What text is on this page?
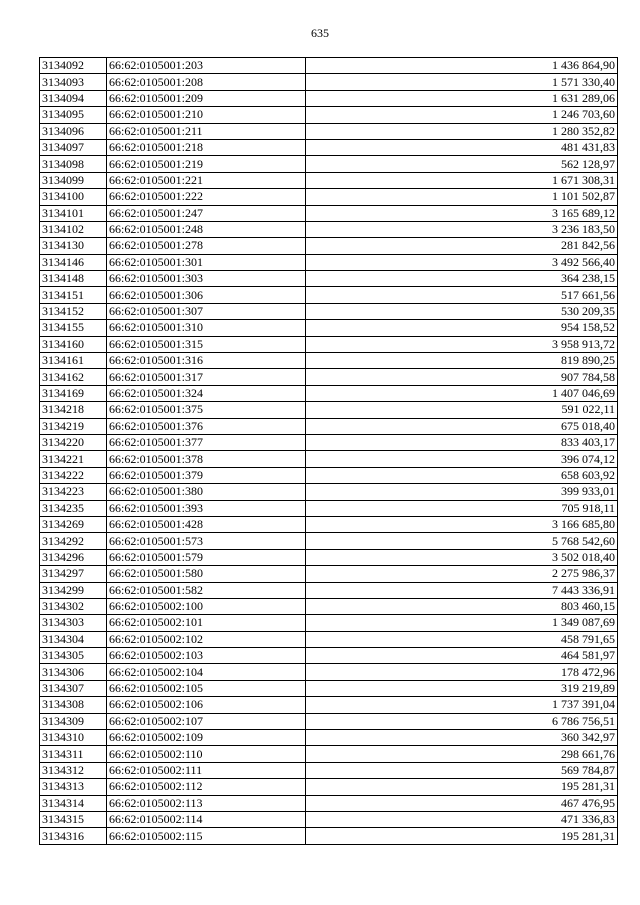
635
3134092	66:62:0105001:203	1 436 864,90
3134093	66:62:0105001:208	1 571 330,40
3134094	66:62:0105001:209	1 631 289,06
3134095	66:62:0105001:210	1 246 703,60
3134096	66:62:0105001:211	1 280 352,82
3134097	66:62:0105001:218	481 431,83
3134098	66:62:0105001:219	562 128,97
3134099	66:62:0105001:221	1 671 308,31
3134100	66:62:0105001:222	1 101 502,87
3134101	66:62:0105001:247	3 165 689,12
3134102	66:62:0105001:248	3 236 183,50
3134130	66:62:0105001:278	281 842,56
3134146	66:62:0105001:301	3 492 566,40
3134148	66:62:0105001:303	364 238,15
3134151	66:62:0105001:306	517 661,56
3134152	66:62:0105001:307	530 209,35
3134155	66:62:0105001:310	954 158,52
3134160	66:62:0105001:315	3 958 913,72
3134161	66:62:0105001:316	819 890,25
3134162	66:62:0105001:317	907 784,58
3134169	66:62:0105001:324	1 407 046,69
3134218	66:62:0105001:375	591 022,11
3134219	66:62:0105001:376	675 018,40
3134220	66:62:0105001:377	833 403,17
3134221	66:62:0105001:378	396 074,12
3134222	66:62:0105001:379	658 603,92
3134223	66:62:0105001:380	399 933,01
3134235	66:62:0105001:393	705 918,11
3134269	66:62:0105001:428	3 166 685,80
3134292	66:62:0105001:573	5 768 542,60
3134296	66:62:0105001:579	3 502 018,40
3134297	66:62:0105001:580	2 275 986,37
3134299	66:62:0105001:582	7 443 336,91
3134302	66:62:0105002:100	803 460,15
3134303	66:62:0105002:101	1 349 087,69
3134304	66:62:0105002:102	458 791,65
3134305	66:62:0105002:103	464 581,97
3134306	66:62:0105002:104	178 472,96
3134307	66:62:0105002:105	319 219,89
3134308	66:62:0105002:106	1 737 391,04
3134309	66:62:0105002:107	6 786 756,51
3134310	66:62:0105002:109	360 342,97
3134311	66:62:0105002:110	298 661,76
3134312	66:62:0105002:111	569 784,87
3134313	66:62:0105002:112	195 281,31
3134314	66:62:0105002:113	467 476,95
3134315	66:62:0105002:114	471 336,83
3134316	66:62:0105002:115	195 281,31
